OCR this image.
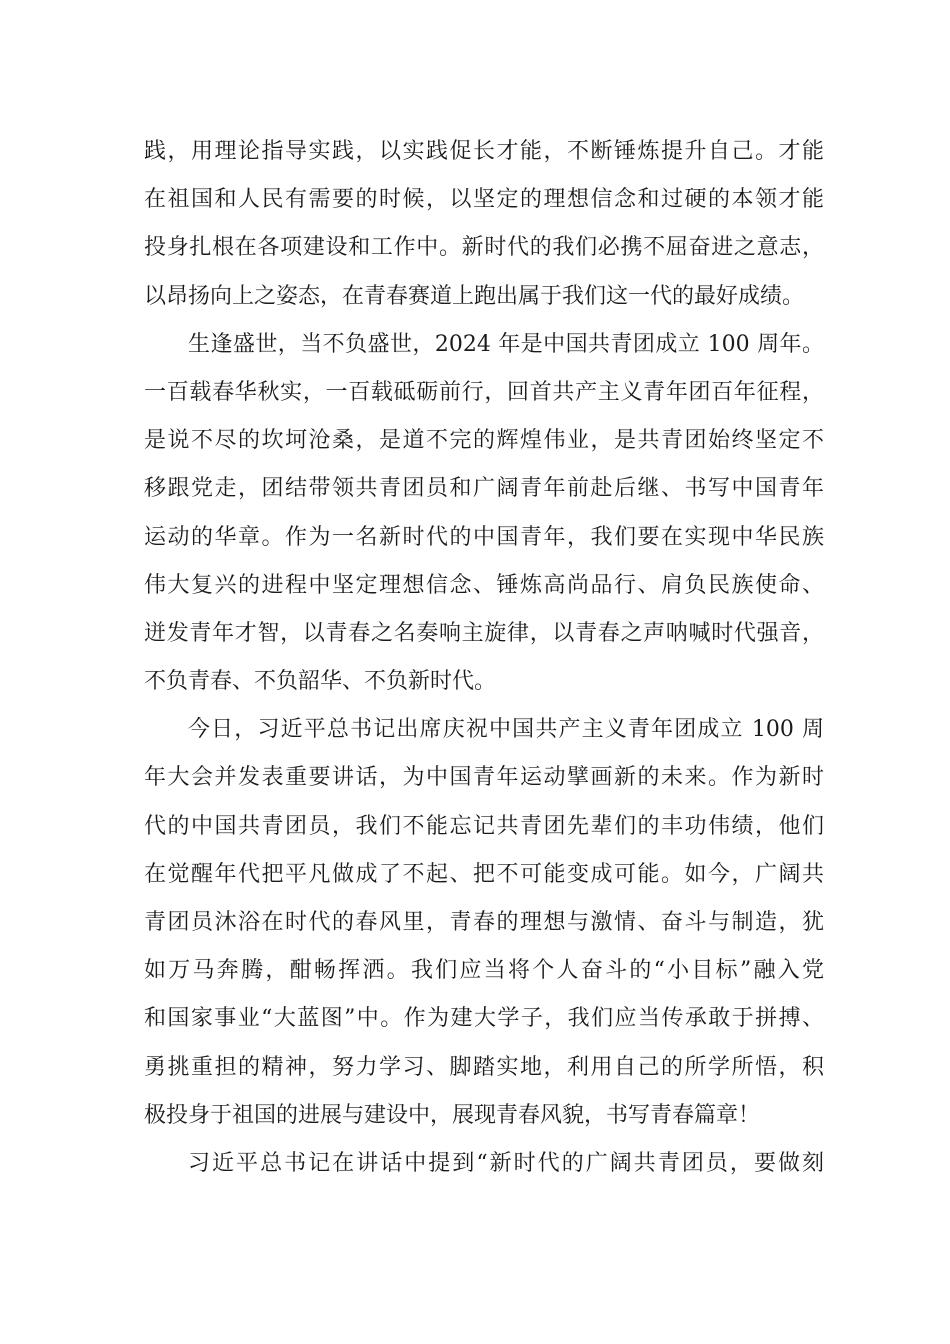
践，用理论指导实践，以实践促长才能，不断锤炼提升自己。才能
在祖国和人民有需要的时候，以坚定的理想信念和过硬的本领才能
投身扎根在各项建设和工作中。新时代的我们必携不屈奋进之意志，
以昂扬向上之姿态，在青春赛道上跑出属于我们这一代的最好成绩。
生逢盛世，当不负盛世，2024 年是中国共青团成立 100 周年。
一百载春华秋实，一百载砥砺前行，回首共产主义青年团百年征程，
是说不尽的坎坷沧桑，是道不完的辉煌伟业，是共青团始终坚定不
移跟党走，团结带领共青团员和广阔青年前赴后继、书写中国青年
运动的华章。作为一名新时代的中国青年，我们要在实现中华民族
伟大复兴的进程中坚定理想信念、锤炼高尚品行、肩负民族使命、
迸发青年才智，以青春之名奏响主旋律，以青春之声呐喊时代强音，
不负青春、不负韶华、不负新时代。
今日，习近平总书记出席庆祝中国共产主义青年团成立 100 周
年大会并发表重要讲话，为中国青年运动擘画新的未来。作为新时
代的中国共青团员，我们不能忘记共青团先辈们的丰功伟绩，他们
在觉醒年代把平凡做成了不起、把不可能变成可能。如今，广阔共
青团员沐浴在时代的春风里，青春的理想与激情、奋斗与制造，犹
如万马奔腾，酣畅挥洒。我们应当将个人奋斗的“小目标”融入党
和国家事业“大蓝图”中。作为建大学子，我们应当传承敢于拼搏、
勇挑重担的精神，努力学习、脚踏实地，利用自己的所学所悟，积
极投身于祖国的进展与建设中，展现青春风貌，书写青春篇章！
习近平总书记在讲话中提到“新时代的广阔共青团员，要做刻
